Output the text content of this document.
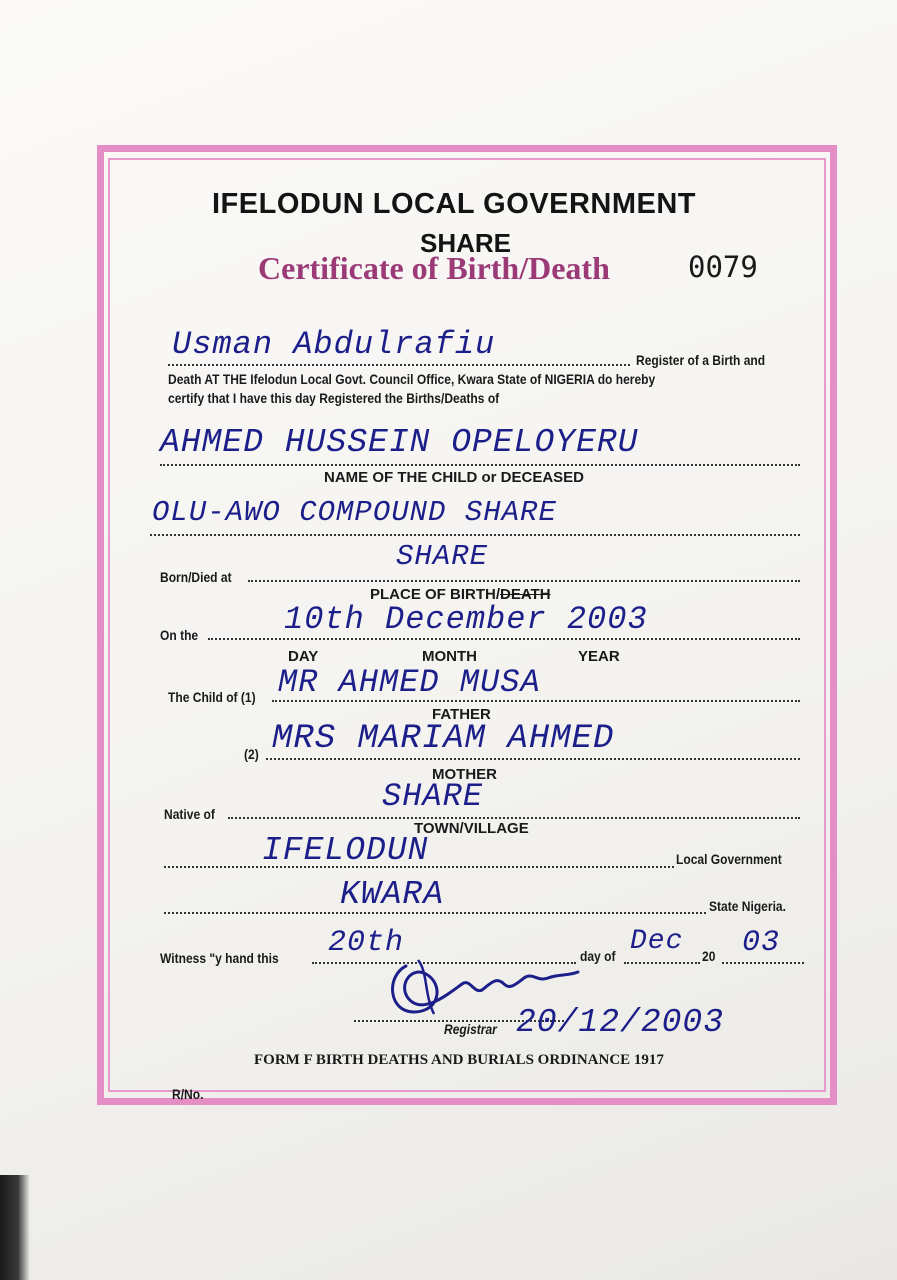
IFELODUN LOCAL GOVERNMENT
SHARE
Certificate of Birth/Death	0079
Usman Abdulrafiu	Register of a Birth and
Death AT THE Ifelodun Local Govt. Council Office, Kwara State of NIGERIA do hereby
certify that I have this day Registered the Births/Deaths of
AHMED HUSSEIN OPELOYERU
NAME OF THE CHILD or DECEASED
OLU-AWO COMPOUND SHARE
SHARE
Born/Died at
PLACE OF BIRTH/DEATH
On the	10th December 2003
DAY	MONTH	YEAR
The Child of (1) MR AHMED MUSA
FATHER
(2) MRS MARIAM AHMED
MOTHER
SHARE
Native of
TOWN/VILLAGE
IFELODUN	Local Government
KWARA	State Nigeria.
Witness "y hand this 20th	day of Dec 20 03
Registrar 20/12/2003
FORM F BIRTH DEATHS AND BURIALS ORDINANCE 1917
R/No.
